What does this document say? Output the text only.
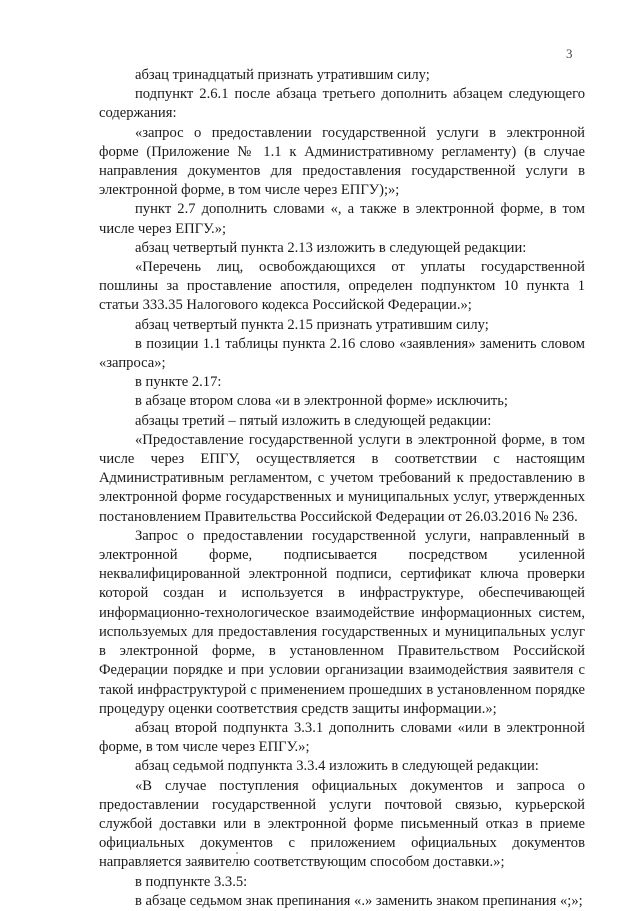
3

абзац тринадцатый признать утратившим силу;

подпункт 2.6.1 после абзаца третьего дополнить абзацем следующего содержания:

«запрос о предоставлении государственной услуги в электронной форме (Приложение № 1.1 к Административному регламенту) (в случае направления документов для предоставления государственной услуги в электронной форме, в том числе через ЕПГУ);»;

пункт 2.7 дополнить словами «, а также в электронной форме, в том числе через ЕПГУ.»;

абзац четвертый пункта 2.13 изложить в следующей редакции:

«Перечень лиц, освобождающихся от уплаты государственной пошлины за проставление апостиля, определен подпунктом 10 пункта 1 статьи 333.35 Налогового кодекса Российской Федерации.»;

абзац четвертый пункта 2.15 признать утратившим силу;

в позиции 1.1 таблицы пункта 2.16 слово «заявления» заменить словом «запроса»;

в пункте 2.17:

в абзаце втором слова «и в электронной форме» исключить;

абзацы третий – пятый изложить в следующей редакции:

«Предоставление государственной услуги в электронной форме, в том числе через ЕПГУ, осуществляется в соответствии с настоящим Административным регламентом, с учетом требований к предоставлению в электронной форме государственных и муниципальных услуг, утвержденных постановлением Правительства Российской Федерации от 26.03.2016 № 236.

Запрос о предоставлении государственной услуги, направленный в электронной форме, подписывается посредством усиленной неквалифицированной электронной подписи, сертификат ключа проверки которой создан и используется в инфраструктуре, обеспечивающей информационно-технологическое взаимодействие информационных систем, используемых для предоставления государственных и муниципальных услуг в электронной форме, в установленном Правительством Российской Федерации порядке и при условии организации взаимодействия заявителя с такой инфраструктурой с применением прошедших в установленном порядке процедуру оценки соответствия средств защиты информации.»;

абзац второй подпункта 3.3.1 дополнить словами «или в электронной форме, в том числе через ЕПГУ.»;

абзац седьмой подпункта 3.3.4 изложить в следующей редакции:

«В случае поступления официальных документов и запроса о предоставлении государственной услуги почтовой связью, курьерской службой доставки или в электронной форме письменный отказ в приеме официальных документов с приложением официальных документов направляется заявителю соответствующим способом доставки.»;

в подпункте 3.3.5:

в абзаце седьмом знак препинания «.» заменить знаком препинания «;»;
